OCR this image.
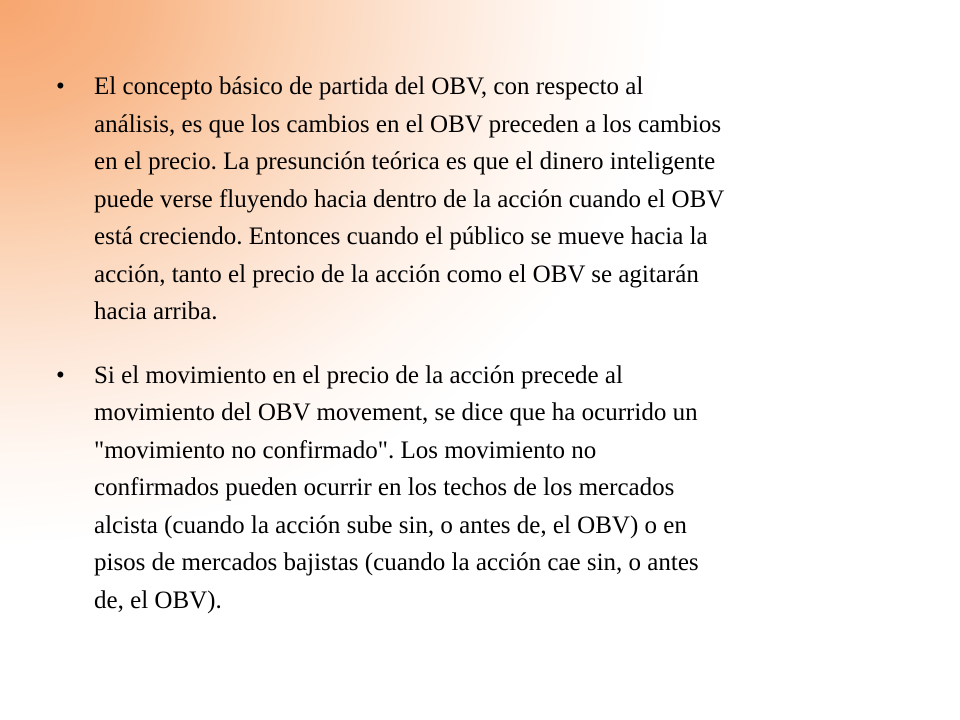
• El concepto básico de partida del OBV, con respecto al
análisis, es que los cambios en el OBV preceden a los cambios
en el precio. La presunción teórica es que el dinero inteligente
puede verse fluyendo hacia dentro de la acción cuando el OBV
está creciendo. Entonces cuando el público se mueve hacia la
acción, tanto el precio de la acción como el OBV se agitarán
hacia arriba.
• Si el movimiento en el precio de la acción precede al
movimiento del OBV movement, se dice que ha ocurrido un
"movimiento no confirmado". Los movimiento no
confirmados pueden ocurrir en los techos de los mercados
alcista (cuando la acción sube sin, o antes de, el OBV) o en
pisos de mercados bajistas (cuando la acción cae sin, o antes
de, el OBV).
